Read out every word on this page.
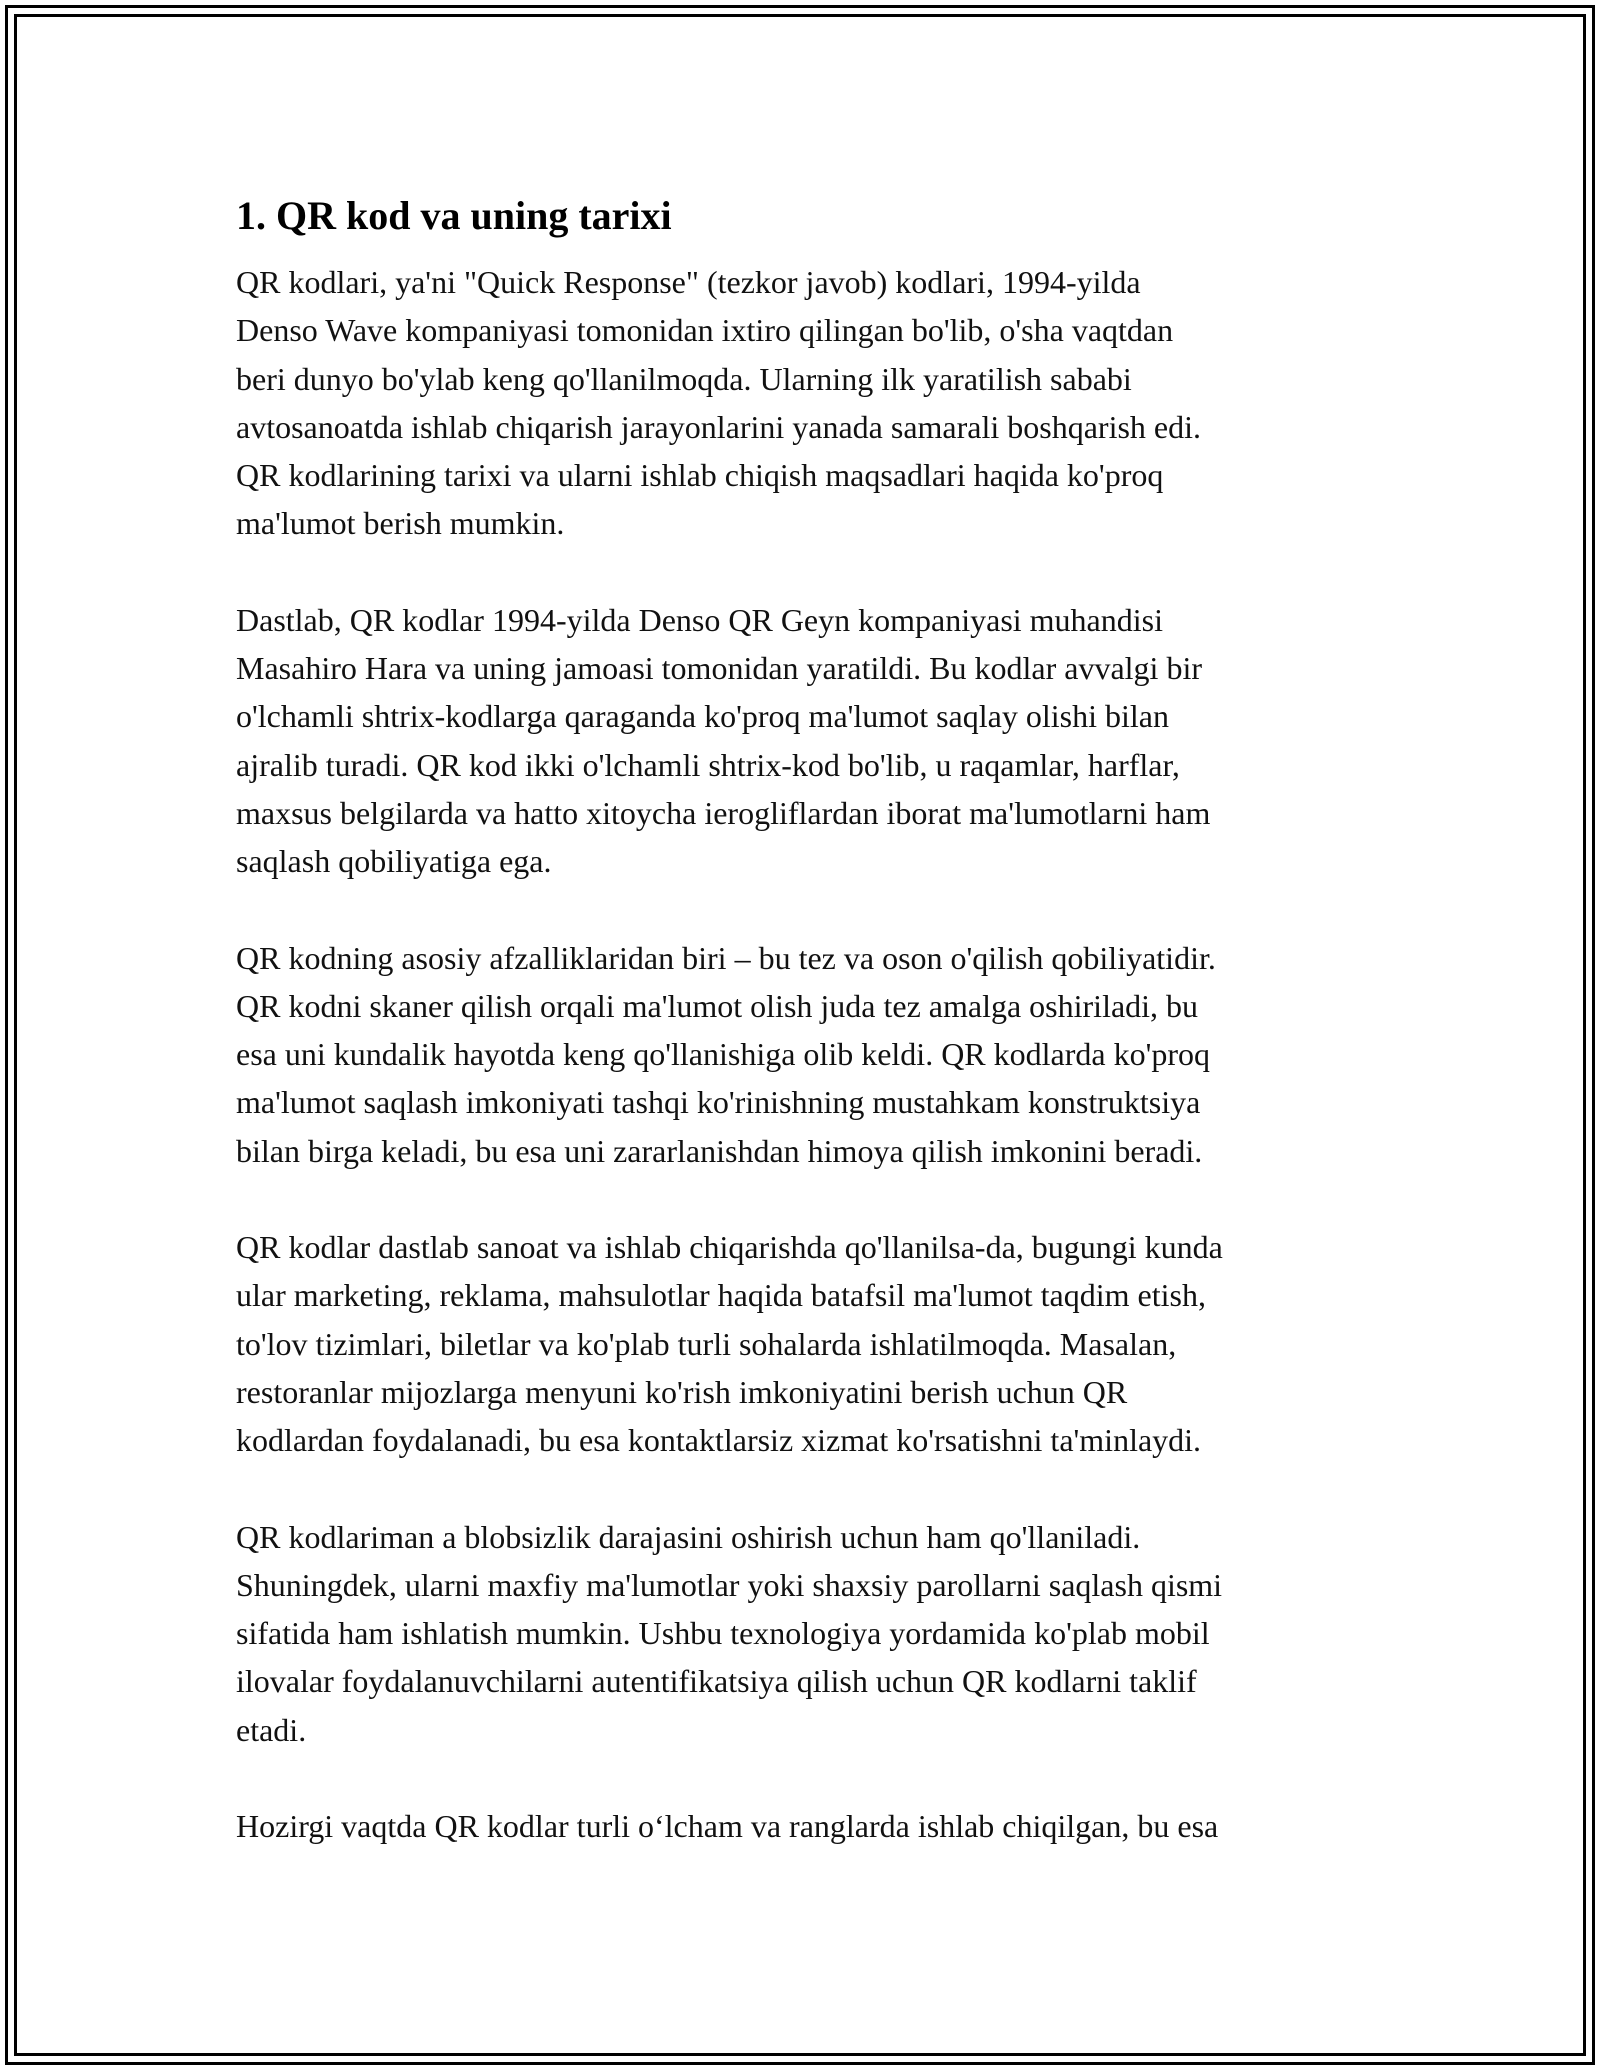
1. QR kod va uning tarixi
QR kodlari, ya'ni "Quick Response" (tezkor javob) kodlari, 1994-yilda
Denso Wave kompaniyasi tomonidan ixtiro qilingan bo'lib, o'sha vaqtdan
beri dunyo bo'ylab keng qo'llanilmoqda. Ularning ilk yaratilish sababi
avtosanoatda ishlab chiqarish jarayonlarini yanada samarali boshqarish edi.
QR kodlarining tarixi va ularni ishlab chiqish maqsadlari haqida ko'proq
ma'lumot berish mumkin.
Dastlab, QR kodlar 1994-yilda Denso QR Geyn kompaniyasi muhandisi
Masahiro Hara va uning jamoasi tomonidan yaratildi. Bu kodlar avvalgi bir
o'lchamli shtrix-kodlarga qaraganda ko'proq ma'lumot saqlay olishi bilan
ajralib turadi. QR kod ikki o'lchamli shtrix-kod bo'lib, u raqamlar, harflar,
maxsus belgilarda va hatto xitoycha ierogliflardan iborat ma'lumotlarni ham
saqlash qobiliyatiga ega.
QR kodning asosiy afzalliklaridan biri – bu tez va oson o'qilish qobiliyatidir.
QR kodni skaner qilish orqali ma'lumot olish juda tez amalga oshiriladi, bu
esa uni kundalik hayotda keng qo'llanishiga olib keldi. QR kodlarda ko'proq
ma'lumot saqlash imkoniyati tashqi ko'rinishning mustahkam konstruktsiya
bilan birga keladi, bu esa uni zararlanishdan himoya qilish imkonini beradi.
QR kodlar dastlab sanoat va ishlab chiqarishda qo'llanilsa-da, bugungi kunda
ular marketing, reklama, mahsulotlar haqida batafsil ma'lumot taqdim etish,
to'lov tizimlari, biletlar va ko'plab turli sohalarda ishlatilmoqda. Masalan,
restoranlar mijozlarga menyuni ko'rish imkoniyatini berish uchun QR
kodlardan foydalanadi, bu esa kontaktlarsiz xizmat ko'rsatishni ta'minlaydi.
QR kodlariman a blobsizlik darajasini oshirish uchun ham qo'llaniladi.
Shuningdek, ularni maxfiy ma'lumotlar yoki shaxsiy parollarni saqlash qismi
sifatida ham ishlatish mumkin. Ushbu texnologiya yordamida ko'plab mobil
ilovalar foydalanuvchilarni autentifikatsiya qilish uchun QR kodlarni taklif
etadi.
Hozirgi vaqtda QR kodlar turli o‘lcham va ranglarda ishlab chiqilgan, bu esa
